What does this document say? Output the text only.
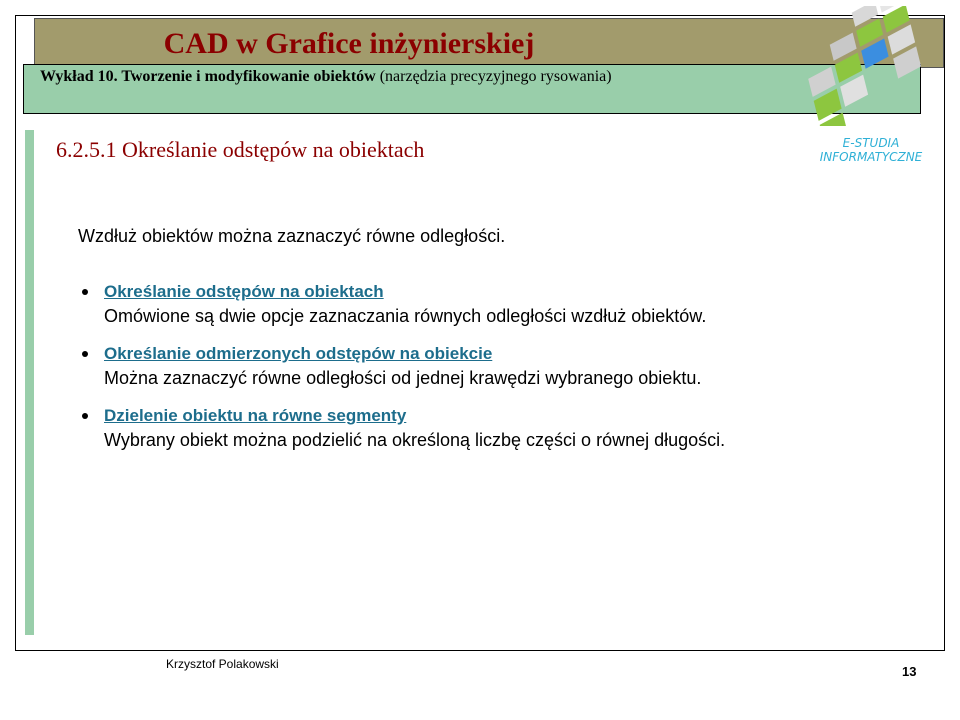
CAD w Grafice inżynierskiej
Wykład 10. Tworzenie i modyfikowanie obiektów (narzędzia precyzyjnego rysowania)
E-STUDIA
INFORMATYCZNE
6.2.5.1 Określanie odstępów na obiektach
Wzdłuż obiektów można zaznaczyć równe odległości.
Określanie odstępów na obiektach
Omówione są dwie opcje zaznaczania równych odległości wzdłuż obiektów.
Określanie odmierzonych odstępów na obiekcie
Można zaznaczyć równe odległości od jednej krawędzi wybranego obiektu.
Dzielenie obiektu na równe segmenty
Wybrany obiekt można podzielić na określoną liczbę części o równej długości.
Krzysztof Polakowski	13
